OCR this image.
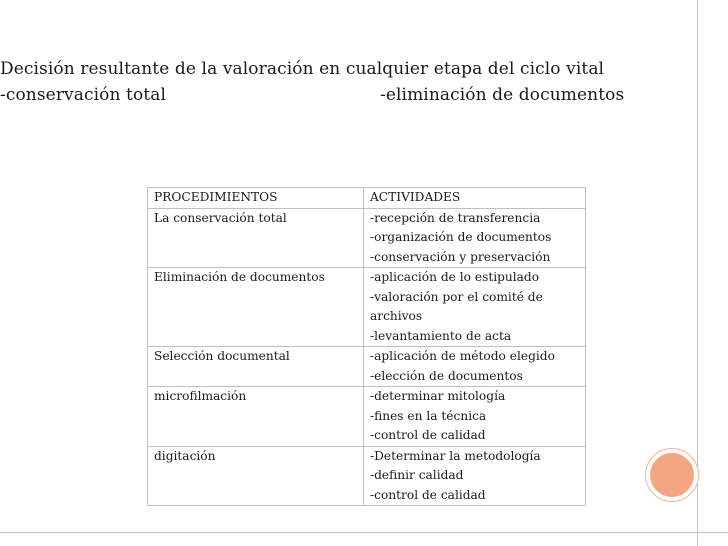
Decisión resultante de la valoración en cualquier etapa del ciclo vital
-conservación total	-eliminación de documentos
PROCEDIMIENTOS	ACTIVIDADES
La conservación total	-recepción de transferencia
-organización de documentos
-conservación y preservación

Eliminación de documentos	-aplicación de lo estipulado
-valoración por el comité de
archivos
-levantamiento de acta

Selección documental	-aplicación de método elegido
-elección de documentos

microfilmación	-determinar mitología
-fines en la técnica
-control de calidad

digitación	-Determinar la metodología
-definir calidad
-control de calidad
